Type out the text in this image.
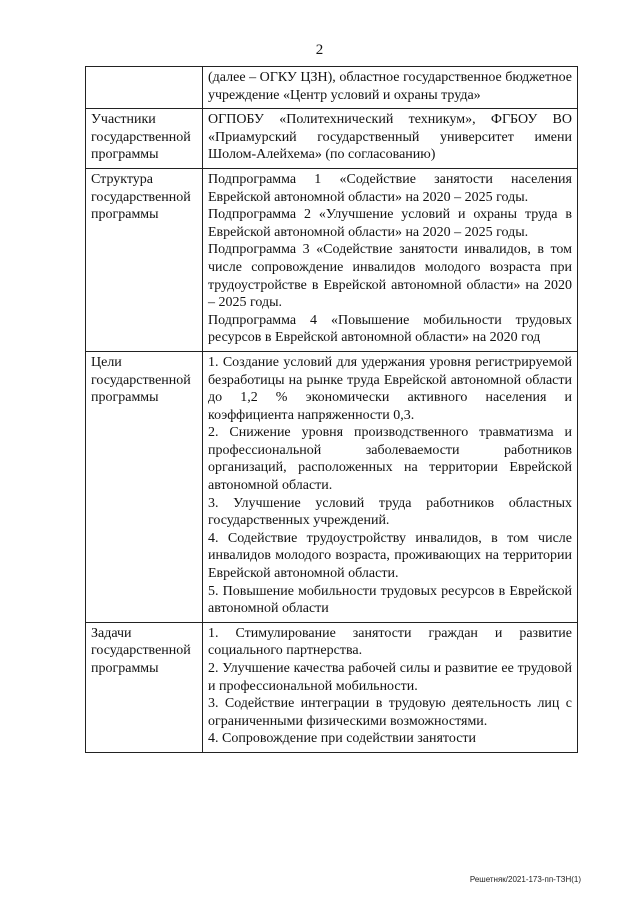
2

	(далее – ОГКУ ЦЗН), областное государственное бюджетное учреждение «Центр условий и охраны труда»

Участники государственной программы	ОГПОБУ «Политехнический техникум», ФГБОУ ВО «Приамурский государственный университет имени Шолом-Алейхема» (по согласованию)

Структура государственной программы	Подпрограмма 1 «Содействие занятости населения Еврейской автономной области» на 2020 – 2025 годы.

Подпрограмма 2 «Улучшение условий и охраны труда в Еврейской автономной области» на 2020 – 2025 годы.

Подпрограмма 3 «Содействие занятости инвалидов, в том числе сопровождение инвалидов молодого возраста при трудоустройстве в Еврейской автономной области» на 2020 – 2025 годы.

Подпрограмма 4 «Повышение мобильности трудовых ресурсов в Еврейской автономной области» на 2020 год

Цели государственной программы	1. Создание условий для удержания уровня регистрируемой безработицы на рынке труда Еврейской автономной области до 1,2 % экономически активного населения и коэффициента напряженности 0,3.

2. Снижение уровня производственного травматизма и профессиональной заболеваемости работников организаций, расположенных на территории Еврейской автономной области.

3. Улучшение условий труда работников областных государственных учреждений.

4. Содействие трудоустройству инвалидов, в том числе инвалидов молодого возраста, проживающих на территории Еврейской автономной области.

5. Повышение мобильности трудовых ресурсов в Еврейской автономной области

Задачи государственной программы	1. Стимулирование занятости граждан и развитие социального партнерства.

2. Улучшение качества рабочей силы и развитие ее трудовой и профессиональной мобильности.

3. Содействие интеграции в трудовую деятельность лиц с ограниченными физическими возможностями.

4. Сопровождение при содействии занятости

Решетняк/2021-173-пп-ТЗН(1)
